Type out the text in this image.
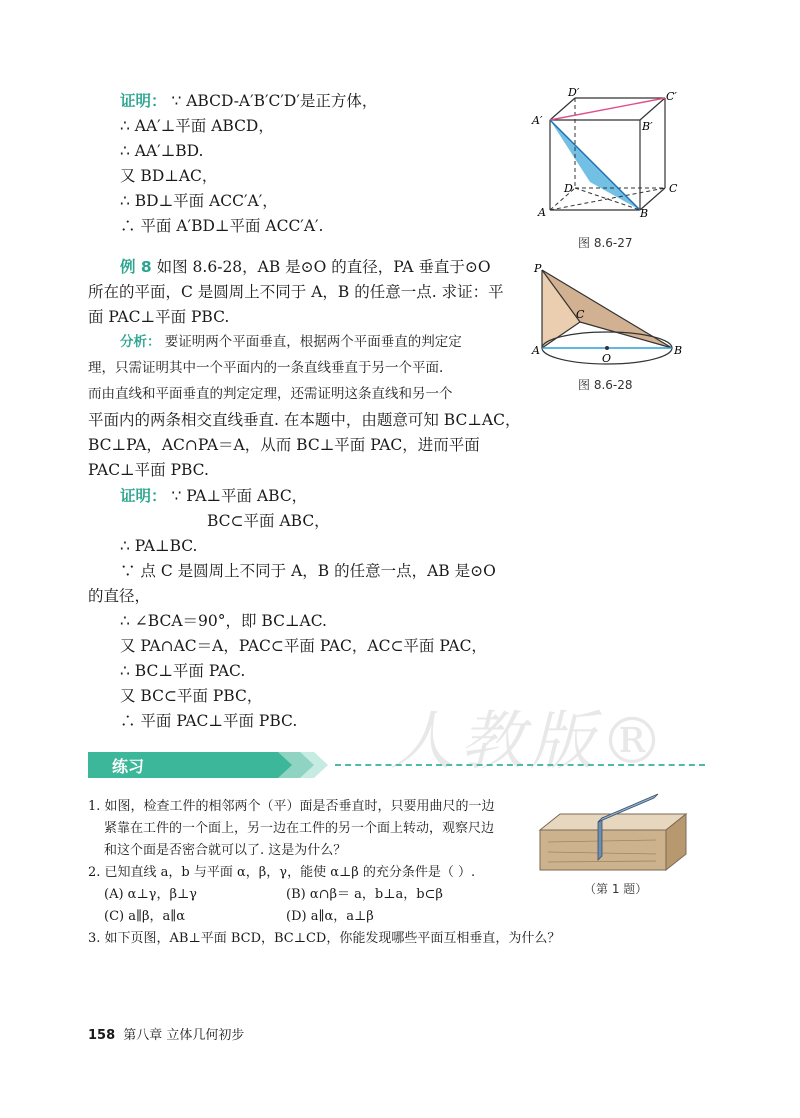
证明： ∵ ABCD-A′B′C′D′是正方体，
∴ AA′⊥平面 ABCD，
∴ AA′⊥BD.
又 BD⊥AC，
∴ BD⊥平面 ACC′A′，
∴ 平面 A′BD⊥平面 ACC′A′.
D′	C′
A′	B′
D	C
A	B
图 8.6-27
例 8 如图 8.6-28，AB 是⊙O 的直径，PA 垂直于⊙O
所在的平面，C 是圆周上不同于 A，B 的任意一点. 求证：平
面 PAC⊥平面 PBC.
P
C
A
O
B
图 8.6-28
分析： 要证明两个平面垂直，根据两个平面垂直的判定定
理，只需证明其中一个平面内的一条直线垂直于另一个平面.
而由直线和平面垂直的判定定理，还需证明这条直线和另一个
平面内的两条相交直线垂直. 在本题中，由题意可知 BC⊥AC，
BC⊥PA，AC∩PA＝A，从而 BC⊥平面 PAC，进而平面
PAC⊥平面 PBC.
证明： ∵ PA⊥平面 ABC，
BC⊂平面 ABC，
∴ PA⊥BC.
∵ 点 C 是圆周上不同于 A，B 的任意一点，AB 是⊙O
的直径，
∴ ∠BCA＝90°，即 BC⊥AC.
又 PA∩AC＝A，PAC⊂平面 PAC，AC⊂平面 PAC，
∴ BC⊥平面 PAC.
又 BC⊂平面 PBC，
∴ 平面 PAC⊥平面 PBC. 人教版®
练习
1. 如图，检查工件的相邻两个（平）面是否垂直时，只要用曲尺的一边
紧靠在工件的一个面上，另一边在工件的另一个面上转动，观察尺边
和这个面是否密合就可以了. 这是为什么？
（第 1 题）
2. 已知直线 a，b 与平面 α，β，γ，能使 α⊥β 的充分条件是（ ）.
(A) α⊥γ，β⊥γ	(B) α∩β＝ a，b⊥a，b⊂β
(C) a∥β，a∥α	(D) a∥α，a⊥β
3. 如下页图，AB⊥平面 BCD，BC⊥CD，你能发现哪些平面互相垂直，为什么？
158 第八章 立体几何初步
